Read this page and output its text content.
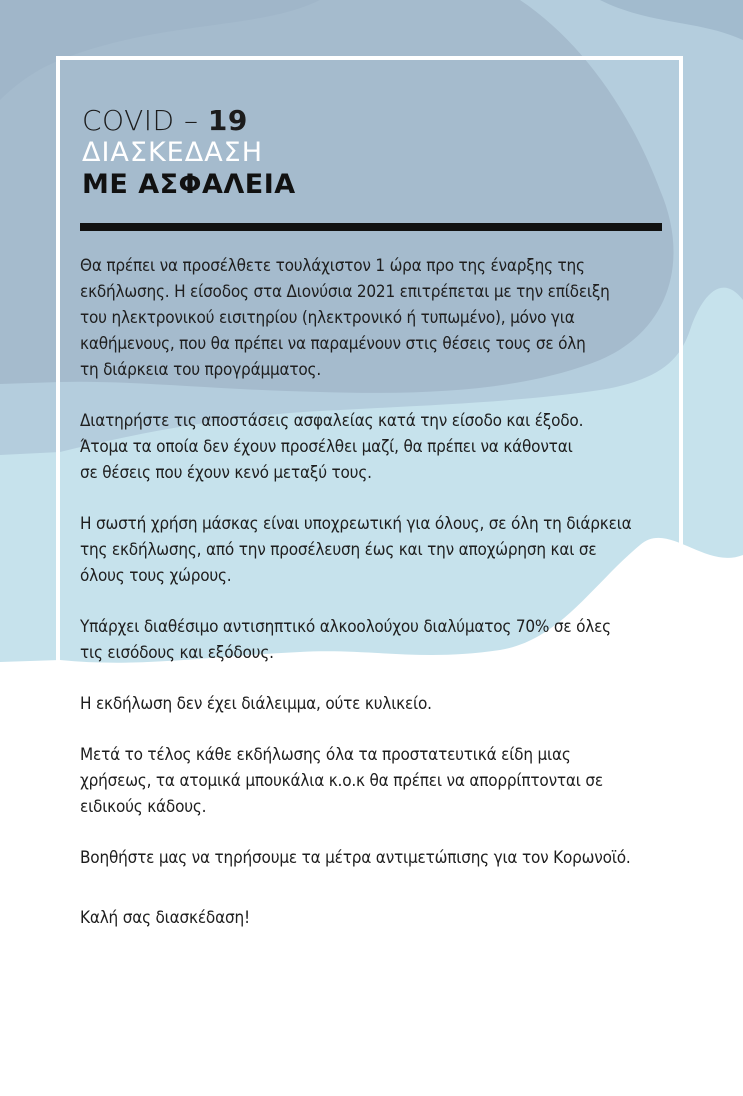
COVID – 19
ΔΙΑΣΚΕΔΑΣΗ
ΜΕ ΑΣΦΑΛΕΙΑ

Θα πρέπει να προσέλθετε τουλάχιστον 1 ώρα προ της έναρξης της
εκδήλωσης. Η είσοδος στα Διονύσια 2021 επιτρέπεται με την επίδειξη
του ηλεκτρονικού εισιτηρίου (ηλεκτρονικό ή τυπωμένο), μόνο για
καθήμενους, που θα πρέπει να παραμένουν στις θέσεις τους σε όλη
τη διάρκεια του προγράμματος.

Διατηρήστε τις αποστάσεις ασφαλείας κατά την είσοδο και έξοδο.
Άτομα τα οποία δεν έχουν προσέλθει μαζί, θα πρέπει να κάθονται
σε θέσεις που έχουν κενό μεταξύ τους.

Η σωστή χρήση μάσκας είναι υποχρεωτική για όλους, σε όλη τη διάρκεια
της εκδήλωσης, από την προσέλευση έως και την αποχώρηση και σε
όλους τους χώρους.

Υπάρχει διαθέσιμο αντισηπτικό αλκοολούχου διαλύματος 70% σε όλες
τις εισόδους και εξόδους.

Η εκδήλωση δεν έχει διάλειμμα, ούτε κυλικείο.

Μετά το τέλος κάθε εκδήλωσης όλα τα προστατευτικά είδη μιας
χρήσεως, τα ατομικά μπουκάλια κ.ο.κ θα πρέπει να απορρίπτονται σε
ειδικούς κάδους.

Βοηθήστε μας να τηρήσουμε τα μέτρα αντιμετώπισης για τον Κορωνοϊό.

Καλή σας διασκέδαση!
